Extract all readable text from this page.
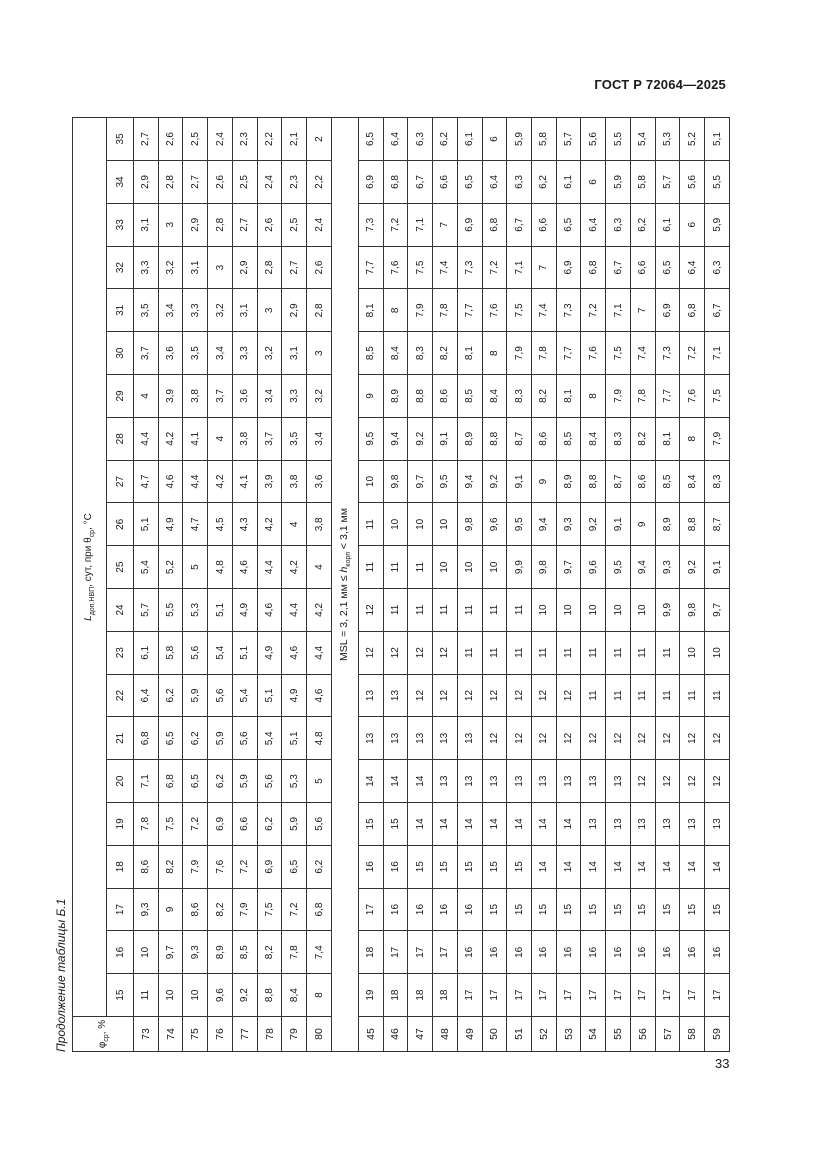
ГОСТ Р 72064—2025
Продолжение таблицы Б.1	$\varphi_{ср}$, %	$L_{доп.НВП}$, сут, при $\theta_{ср}$, °C																				
	15	16	17	18	19	20	21	22	23	24	25	26	27	28	29	30	31	32	33	34	35
73	11	10	9,3	8,6	7,8	7,1	6,8	6,4	6,1	5,7	5,4	5,1	4,7	4,4	4	3,7	3,5	3,3	3,1	2,9	2,7
74	10	9,7	9	8,2	7,5	6,8	6,5	6,2	5,8	5,5	5,2	4,9	4,6	4,2	3,9	3,6	3,4	3,2	3	2,8	2,6
75	10	9,3	8,6	7,9	7,2	6,5	6,2	5,9	5,6	5,3	5	4,7	4,4	4,1	3,8	3,5	3,3	3,1	2,9	2,7	2,5
76	9,6	8,9	8,2	7,6	6,9	6,2	5,9	5,6	5,4	5,1	4,8	4,5	4,2	4	3,7	3,4	3,2	3	2,8	2,6	2,4
77	9,2	8,5	7,9	7,2	6,6	5,9	5,6	5,4	5,1	4,9	4,6	4,3	4,1	3,8	3,6	3,3	3,1	2,9	2,7	2,5	2,3
78	8,8	8,2	7,5	6,9	6,2	5,6	5,4	5,1	4,9	4,6	4,4	4,2	3,9	3,7	3,4	3,2	3	2,8	2,6	2,4	2,2
79	8,4	7,8	7,2	6,5	5,9	5,3	5,1	4,9	4,6	4,4	4,2	4	3,8	3,5	3,3	3,1	2,9	2,7	2,5	2,3	2,1
80	8	7,4	6,8	6,2	5,6	5	4,8	4,6	4,4	4,2	4	3,8	3,6	3,4	3,2	3	2,8	2,6	2,4	2,2	2
MSL = 3, 2,1 мм ≤ $h_{корп} < 3,1$ мм																					
45	19	18	17	16	15	14	13	13	12	12	11	11	10	9,5	9	8,5	8,1	7,7	7,3	6,9	6,5
46	18	17	16	16	15	14	13	13	12	11	11	10	9,8	9,4	8,9	8,4	8	7,6	7,2	6,8	6,4
47	18	17	16	15	14	14	13	12	12	11	11	10	9,7	9,2	8,8	8,3	7,9	7,5	7,1	6,7	6,3
48	18	17	16	15	14	13	13	12	12	11	10	10	9,5	9,1	8,6	8,2	7,8	7,4	7	6,6	6,2
49	17	16	16	15	14	13	13	12	11	11	10	9,8	9,4	8,9	8,5	8,1	7,7	7,3	6,9	6,5	6,1
50	17	16	15	15	14	13	12	12	11	11	10	9,6	9,2	8,8	8,4	8	7,6	7,2	6,8	6,4	6
51	17	16	15	15	14	13	12	12	11	11	9,9	9,5	9,1	8,7	8,3	7,9	7,5	7,1	6,7	6,3	5,9
52	17	16	15	14	14	13	12	12	11	10	9,8	9,4	9	8,6	8,2	7,8	7,4	7	6,6	6,2	5,8
53	17	16	15	14	14	13	12	12	11	10	9,7	9,3	8,9	8,5	8,1	7,7	7,3	6,9	6,5	6,1	5,7
54	17	16	15	14	13	13	12	11	11	10	9,6	9,2	8,8	8,4	8	7,6	7,2	6,8	6,4	6	5,6
55	17	16	15	14	13	13	12	11	11	10	9,5	9,1	8,7	8,3	7,9	7,5	7,1	6,7	6,3	5,9	5,5
56	17	16	15	14	13	12	12	11	11	10	9,4	9	8,6	8,2	7,8	7,4	7	6,6	6,2	5,8	5,4
57	17	16	15	14	13	12	12	11	11	9,9	9,3	8,9	8,5	8,1	7,7	7,3	6,9	6,5	6,1	5,7	5,3
58	17	16	15	14	13	12	12	11	10	9,8	9,2	8,8	8,4	8	7,6	7,2	6,8	6,4	6	5,6	5,2
59	17	16	15	14	13	12	12	11	10	9,7	9,1	8,7	8,3	7,9	7,5	7,1	6,7	6,3	5,9	5,5	5,1
33
